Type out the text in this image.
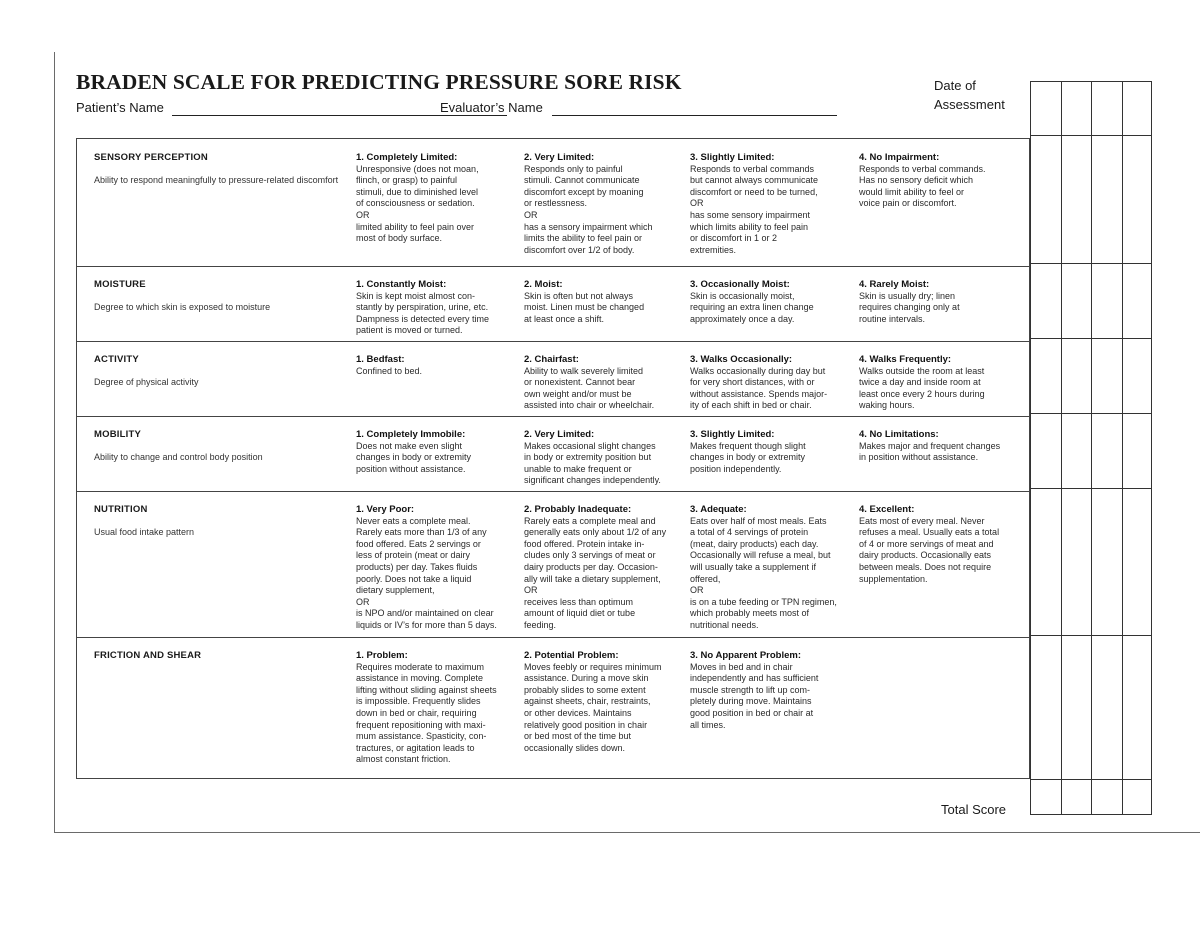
BRADEN SCALE FOR PREDICTING PRESSURE SORE RISK
Patient’s Name	Evaluator’s Name
Date of
Assessment
Total Score
SENSORY PERCEPTION
Ability to respond meaningfully to pressure-related discomfort
1. Completely Limited:
Unresponsive (does not moan,
flinch, or grasp) to painful
stimuli, due to diminished level
of consciousness or sedation.
OR
limited ability to feel pain over
most of body surface.
2. Very Limited:
Responds only to painful
stimuli. Cannot communicate
discomfort except by moaning
or restlessness.
OR
has a sensory impairment which
limits the ability to feel pain or
discomfort over 1/2 of body.
3. Slightly Limited:
Responds to verbal commands
but cannot always communicate
discomfort or need to be turned,
OR
has some sensory impairment
which limits ability to feel pain
or discomfort in 1 or 2
extremities.
4. No Impairment:
Responds to verbal commands.
Has no sensory deficit which
would limit ability to feel or
voice pain or discomfort.
MOISTURE
Degree to which skin is exposed to moisture
1. Constantly Moist:
Skin is kept moist almost con-
stantly by perspiration, urine, etc.
Dampness is detected every time
patient is moved or turned.
2. Moist:
Skin is often but not always
moist. Linen must be changed
at least once a shift.
3. Occasionally Moist:
Skin is occasionally moist,
requiring an extra linen change
approximately once a day.
4. Rarely Moist:
Skin is usually dry; linen
requires changing only at
routine intervals.
ACTIVITY
Degree of physical activity
1. Bedfast:
Confined to bed.
2. Chairfast:
Ability to walk severely limited
or nonexistent. Cannot bear
own weight and/or must be
assisted into chair or wheelchair.
3. Walks Occasionally:
Walks occasionally during day but
for very short distances, with or
without assistance. Spends major-
ity of each shift in bed or chair.
4. Walks Frequently:
Walks outside the room at least
twice a day and inside room at
least once every 2 hours during
waking hours.
MOBILITY
Ability to change and control body position
1. Completely Immobile:
Does not make even slight
changes in body or extremity
position without assistance.
2. Very Limited:
Makes occasional slight changes
in body or extremity position but
unable to make frequent or
significant changes independently.
3. Slightly Limited:
Makes frequent though slight
changes in body or extremity
position independently.
4. No Limitations:
Makes major and frequent changes
in position without assistance.
NUTRITION
Usual food intake pattern
1. Very Poor:
Never eats a complete meal.
Rarely eats more than 1/3 of any
food offered. Eats 2 servings or
less of protein (meat or dairy
products) per day. Takes fluids
poorly. Does not take a liquid
dietary supplement,
OR
is NPO and/or maintained on clear
liquids or IV’s for more than 5 days.
2. Probably Inadequate:
Rarely eats a complete meal and
generally eats only about 1/2 of any
food offered. Protein intake in-
cludes only 3 servings of meat or
dairy products per day. Occasion-
ally will take a dietary supplement,
OR
receives less than optimum
amount of liquid diet or tube
feeding.
3. Adequate:
Eats over half of most meals. Eats
a total of 4 servings of protein
(meat, dairy products) each day.
Occasionally will refuse a meal, but
will usually take a supplement if
offered,
OR
is on a tube feeding or TPN regimen,
which probably meets most of
nutritional needs.
4. Excellent:
Eats most of every meal. Never
refuses a meal. Usually eats a total
of 4 or more servings of meat and
dairy products. Occasionally eats
between meals. Does not require
supplementation.
FRICTION AND SHEAR	1. Problem:
Requires moderate to maximum
assistance in moving. Complete
lifting without sliding against sheets
is impossible. Frequently slides
down in bed or chair, requiring
frequent repositioning with maxi-
mum assistance. Spasticity, con-
tractures, or agitation leads to
almost constant friction.
2. Potential Problem:
Moves feebly or requires minimum
assistance. During a move skin
probably slides to some extent
against sheets, chair, restraints,
or other devices. Maintains
relatively good position in chair
or bed most of the time but
occasionally slides down.
3. No Apparent Problem:
Moves in bed and in chair
independently and has sufficient
muscle strength to lift up com-
pletely during move. Maintains
good position in bed or chair at
all times.
